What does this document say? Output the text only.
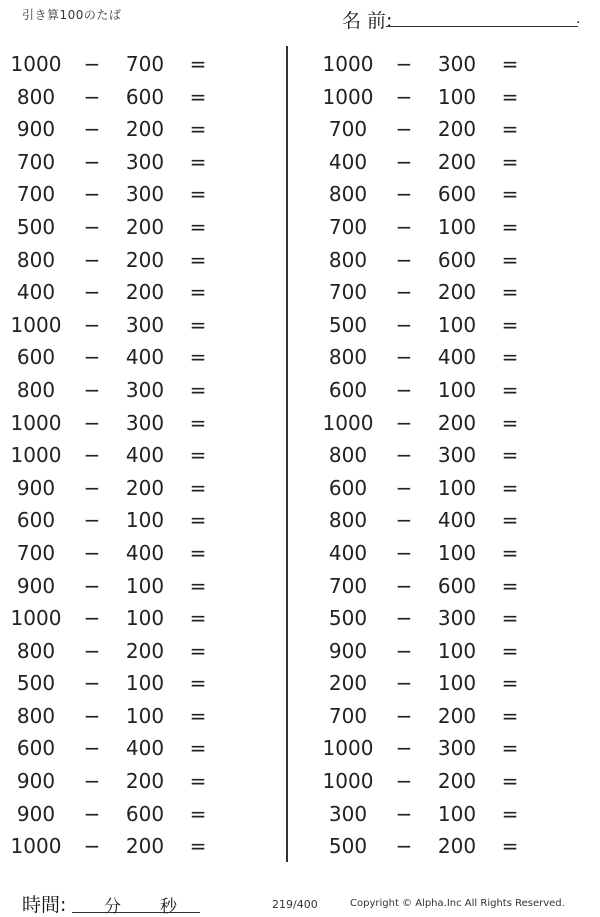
引き算100のたば	名 前:	.
1000 − 700 =
800	− 600 =
900	− 200 =
700	− 300 =
700	− 300 =
500	− 200 =
800	− 200 =
400	− 200 =
1000 − 300 =
600	− 400 =
800	− 300 =
1000 − 300 =
1000 − 400 =
900	− 200 =
600	− 100 =
700	− 400 =
900	− 100 =
1000 − 100 =
800	− 200 =
500	− 100 =
800	− 100 =
600	− 400 =
900	− 200 =
900	− 600 =
1000 − 200 =
1000 − 300 =
1000 − 100 =
700	− 200 =
400	− 200 =
800	− 600 =
700	− 100 =
800	− 600 =
700	− 200 =
500	− 100 =
800	− 400 =
600	− 100 =
1000 − 200 =
800	− 300 =
600	− 100 =
800	− 400 =
400	− 100 =
700	− 600 =
500	− 300 =
900	− 100 =
200	− 100 =
700	− 200 =
1000 − 300 =
1000 − 200 =
300	− 100 =
500	− 200 =
時間: 分 秒	219/400	Copyright © Alpha.Inc All Rights Reserved.
